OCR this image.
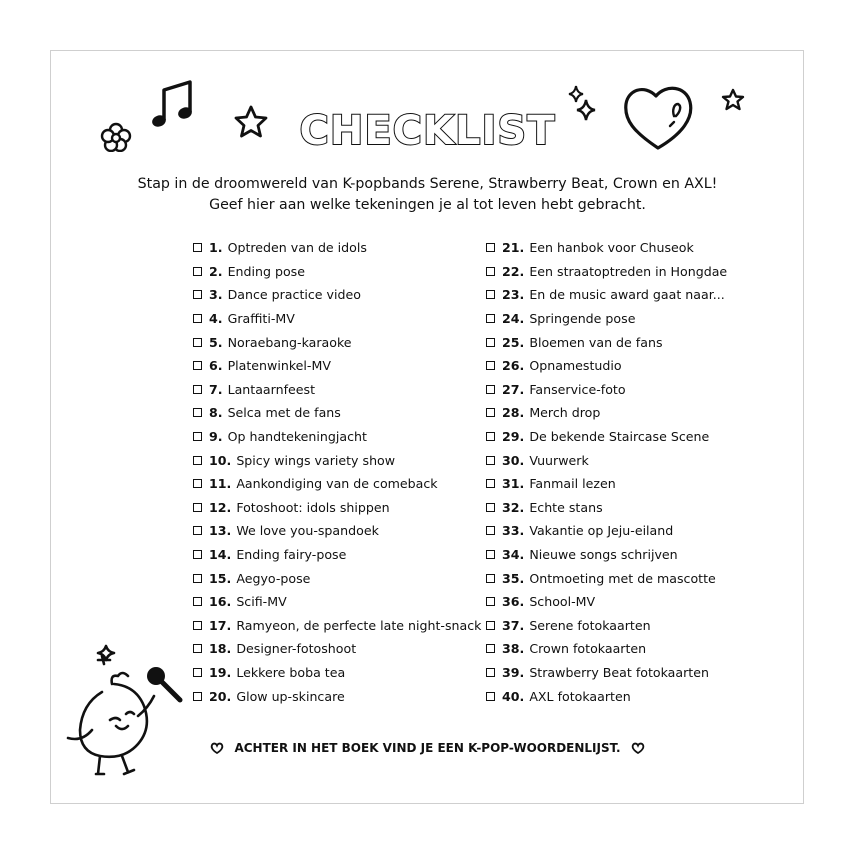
CHECKLIST
Stap in de droomwereld van K-popbands Serene, Strawberry Beat, Crown en AXL!
Geef hier aan welke tekeningen je al tot leven hebt gebracht.
1. Optreden van de idols
2. Ending pose
3. Dance practice video
4. Graffiti-MV
5. Noraebang-karaoke
6. Platenwinkel-MV
7. Lantaarnfeest
8. Selca met de fans
9. Op handtekeningjacht
10. Spicy wings variety show
11. Aankondiging van de comeback
12. Fotoshoot: idols shippen
13. We love you-spandoek
14. Ending fairy-pose
15. Aegyo-pose
16. Scifi-MV
17. Ramyeon, de perfecte late night-snack
18. Designer-fotoshoot
19. Lekkere boba tea
20. Glow up-skincare
21. Een hanbok voor Chuseok
22. Een straatoptreden in Hongdae
23. En de music award gaat naar...
24. Springende pose
25. Bloemen van de fans
26. Opnamestudio
27. Fanservice-foto
28. Merch drop
29. De bekende Staircase Scene
30. Vuurwerk
31. Fanmail lezen
32. Echte stans
33. Vakantie op Jeju-eiland
34. Nieuwe songs schrijven
35. Ontmoeting met de mascotte
36. School-MV
37. Serene fotokaarten
38. Crown fotokaarten
39. Strawberry Beat fotokaarten
40. AXL fotokaarten
ACHTER IN HET BOEK VIND JE EEN K-POP-WOORDENLIJST.
